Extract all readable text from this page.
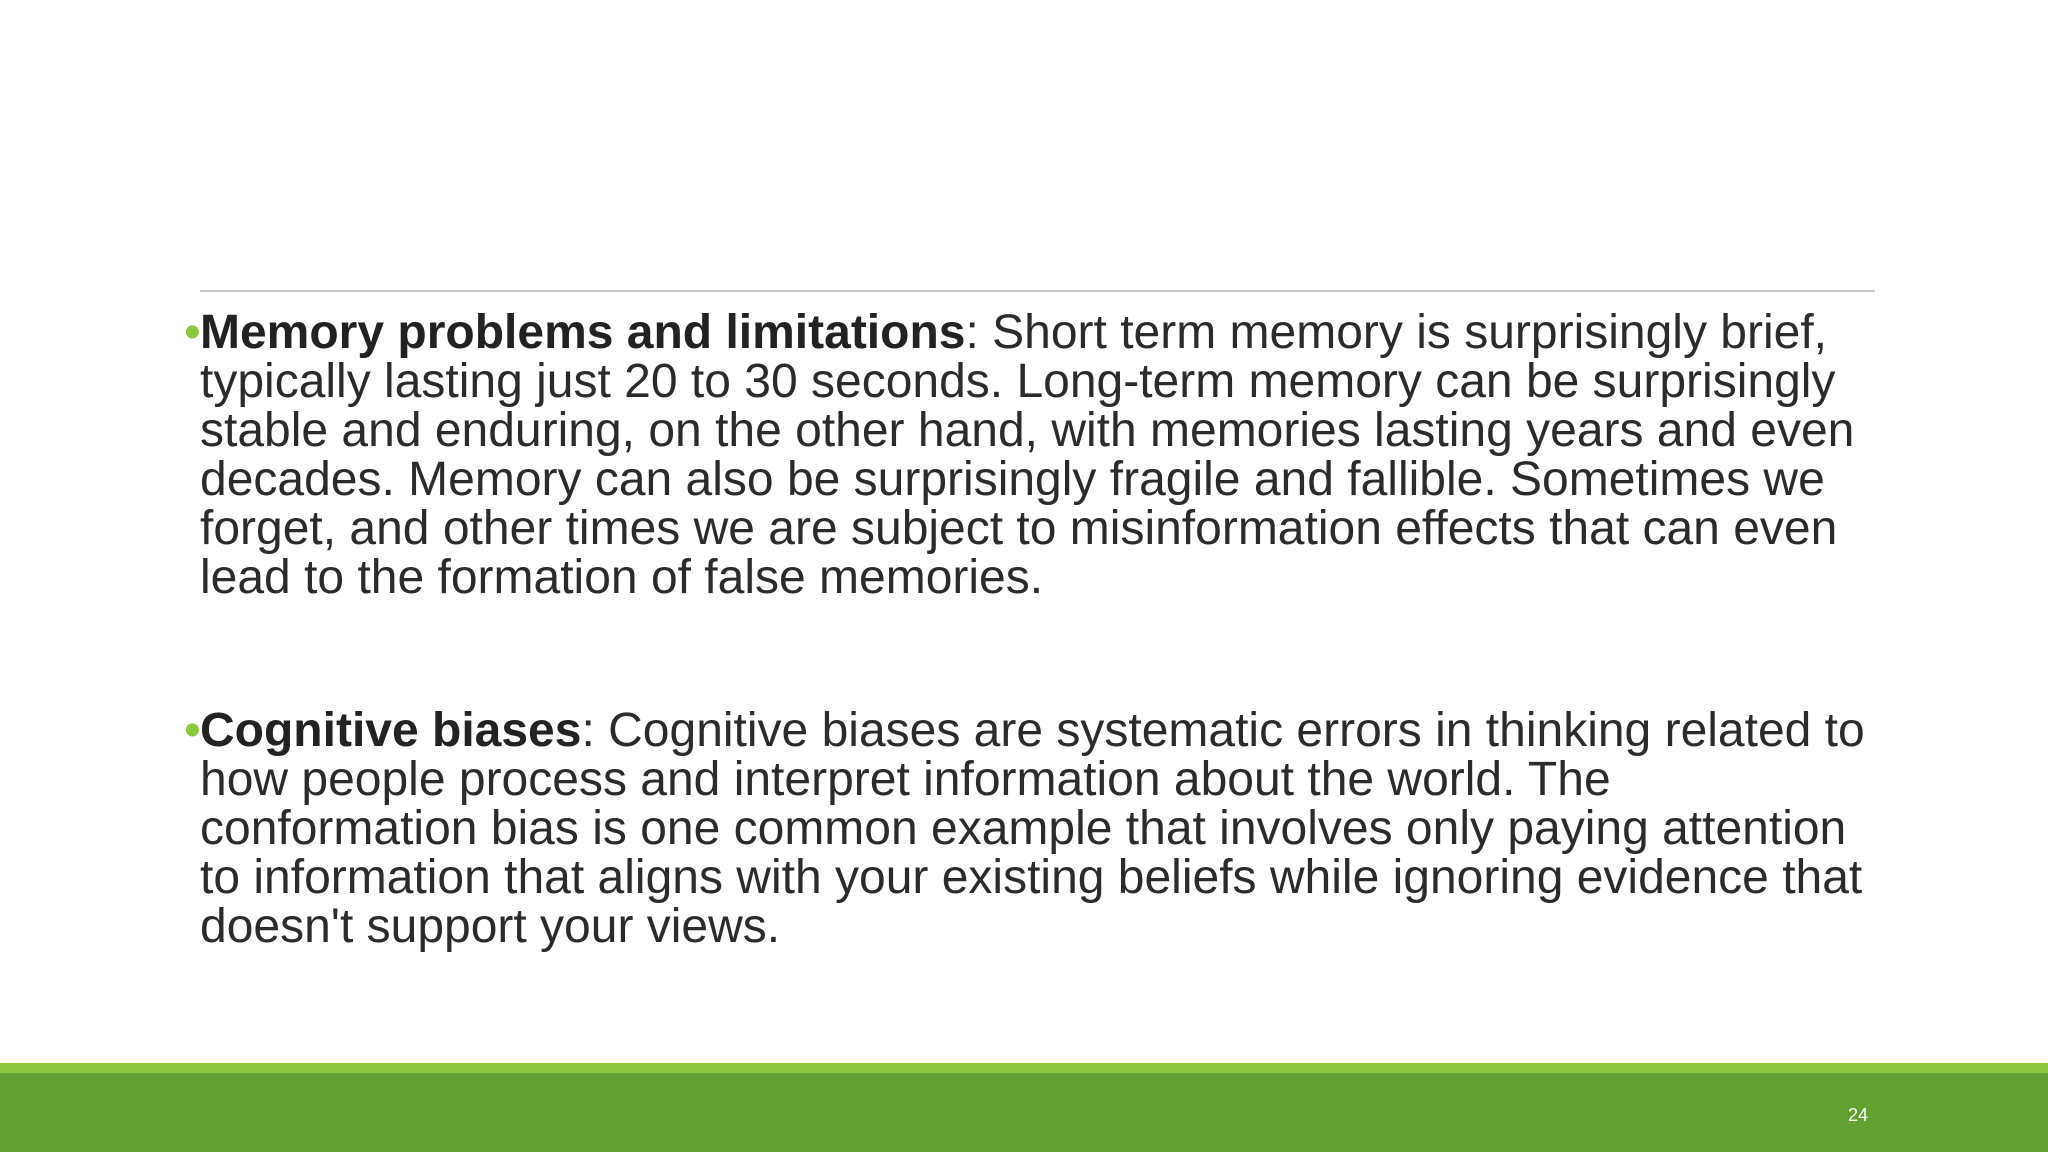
• Memory problems and limitations: Short term memory is surprisingly brief, typically lasting just 20 to 30 seconds. Long-term memory can be surprisingly stable and enduring, on the other hand, with memories lasting years and even decades. Memory can also be surprisingly fragile and fallible. Sometimes we forget, and other times we are subject to misinformation effects that can even lead to the formation of false memories.
• Cognitive biases: Cognitive biases are systematic errors in thinking related to how people process and interpret information about the world. The conformation bias is one common example that involves only paying attention to information that aligns with your existing beliefs while ignoring evidence that doesn't support your views.
24
